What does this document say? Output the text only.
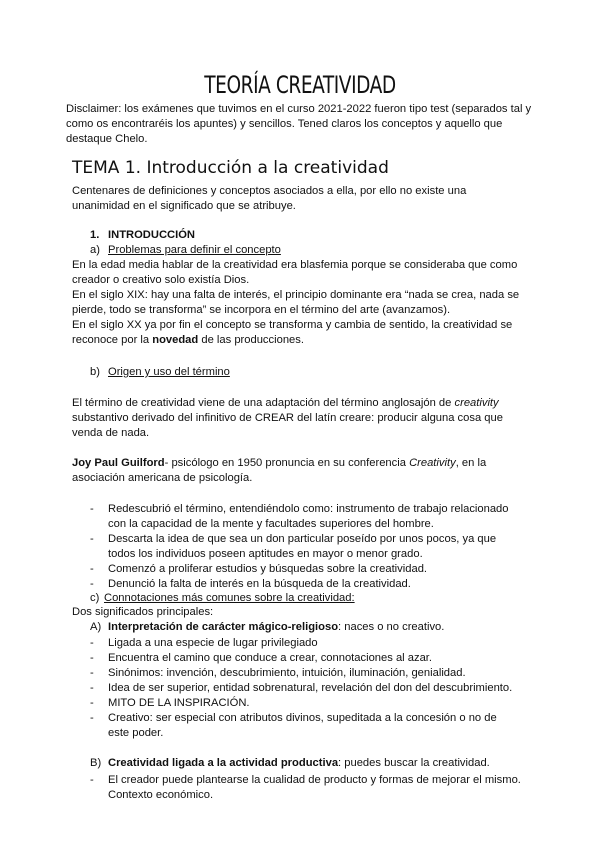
TEORÍA CREATIVIDAD
Disclaimer: los exámenes que tuvimos en el curso 2021-2022 fueron tipo test (separados tal y
como os encontraréis los apuntes) y sencillos. Tened claros los conceptos y aquello que
destaque Chelo.
TEMA 1. Introducción a la creatividad
Centenares de definiciones y conceptos asociados a ella, por ello no existe una
unanimidad en el significado que se atribuye.
1. INTRODUCCIÓN
a) Problemas para definir el concepto
En la edad media hablar de la creatividad era blasfemia porque se consideraba que como
creador o creativo solo existía Dios.
En el siglo XIX: hay una falta de interés, el principio dominante era “nada se crea, nada se
pierde, todo se transforma” se incorpora en el término del arte (avanzamos).
En el siglo XX ya por fin el concepto se transforma y cambia de sentido, la creatividad se
reconoce por la novedad de las producciones.
b) Origen y uso del término
El término de creatividad viene de una adaptación del término anglosajón de creativity
substantivo derivado del infinitivo de CREAR del latín creare: producir alguna cosa que
venda de nada.
Joy Paul Guilford- psicólogo en 1950 pronuncia en su conferencia Creativity, en la
asociación americana de psicología.
- Redescubrió el término, entendiéndolo como: instrumento de trabajo relacionado
con la capacidad de la mente y facultades superiores del hombre.
- Descarta la idea de que sea un don particular poseído por unos pocos, ya que
todos los individuos poseen aptitudes en mayor o menor grado.
- Comenzó a proliferar estudios y búsquedas sobre la creatividad.
- Denunció la falta de interés en la búsqueda de la creatividad.
c) Connotaciones más comunes sobre la creatividad:
Dos significados principales:
A) Interpretación de carácter mágico-religioso: naces o no creativo.
- Ligada a una especie de lugar privilegiado
- Encuentra el camino que conduce a crear, connotaciones al azar.
- Sinónimos: invención, descubrimiento, intuición, iluminación, genialidad.
- Idea de ser superior, entidad sobrenatural, revelación del don del descubrimiento.
- MITO DE LA INSPIRACIÓN.
- Creativo: ser especial con atributos divinos, supeditada a la concesión o no de
este poder.
B) Creatividad ligada a la actividad productiva: puedes buscar la creatividad.
- El creador puede plantearse la cualidad de producto y formas de mejorar el mismo.
Contexto económico.
